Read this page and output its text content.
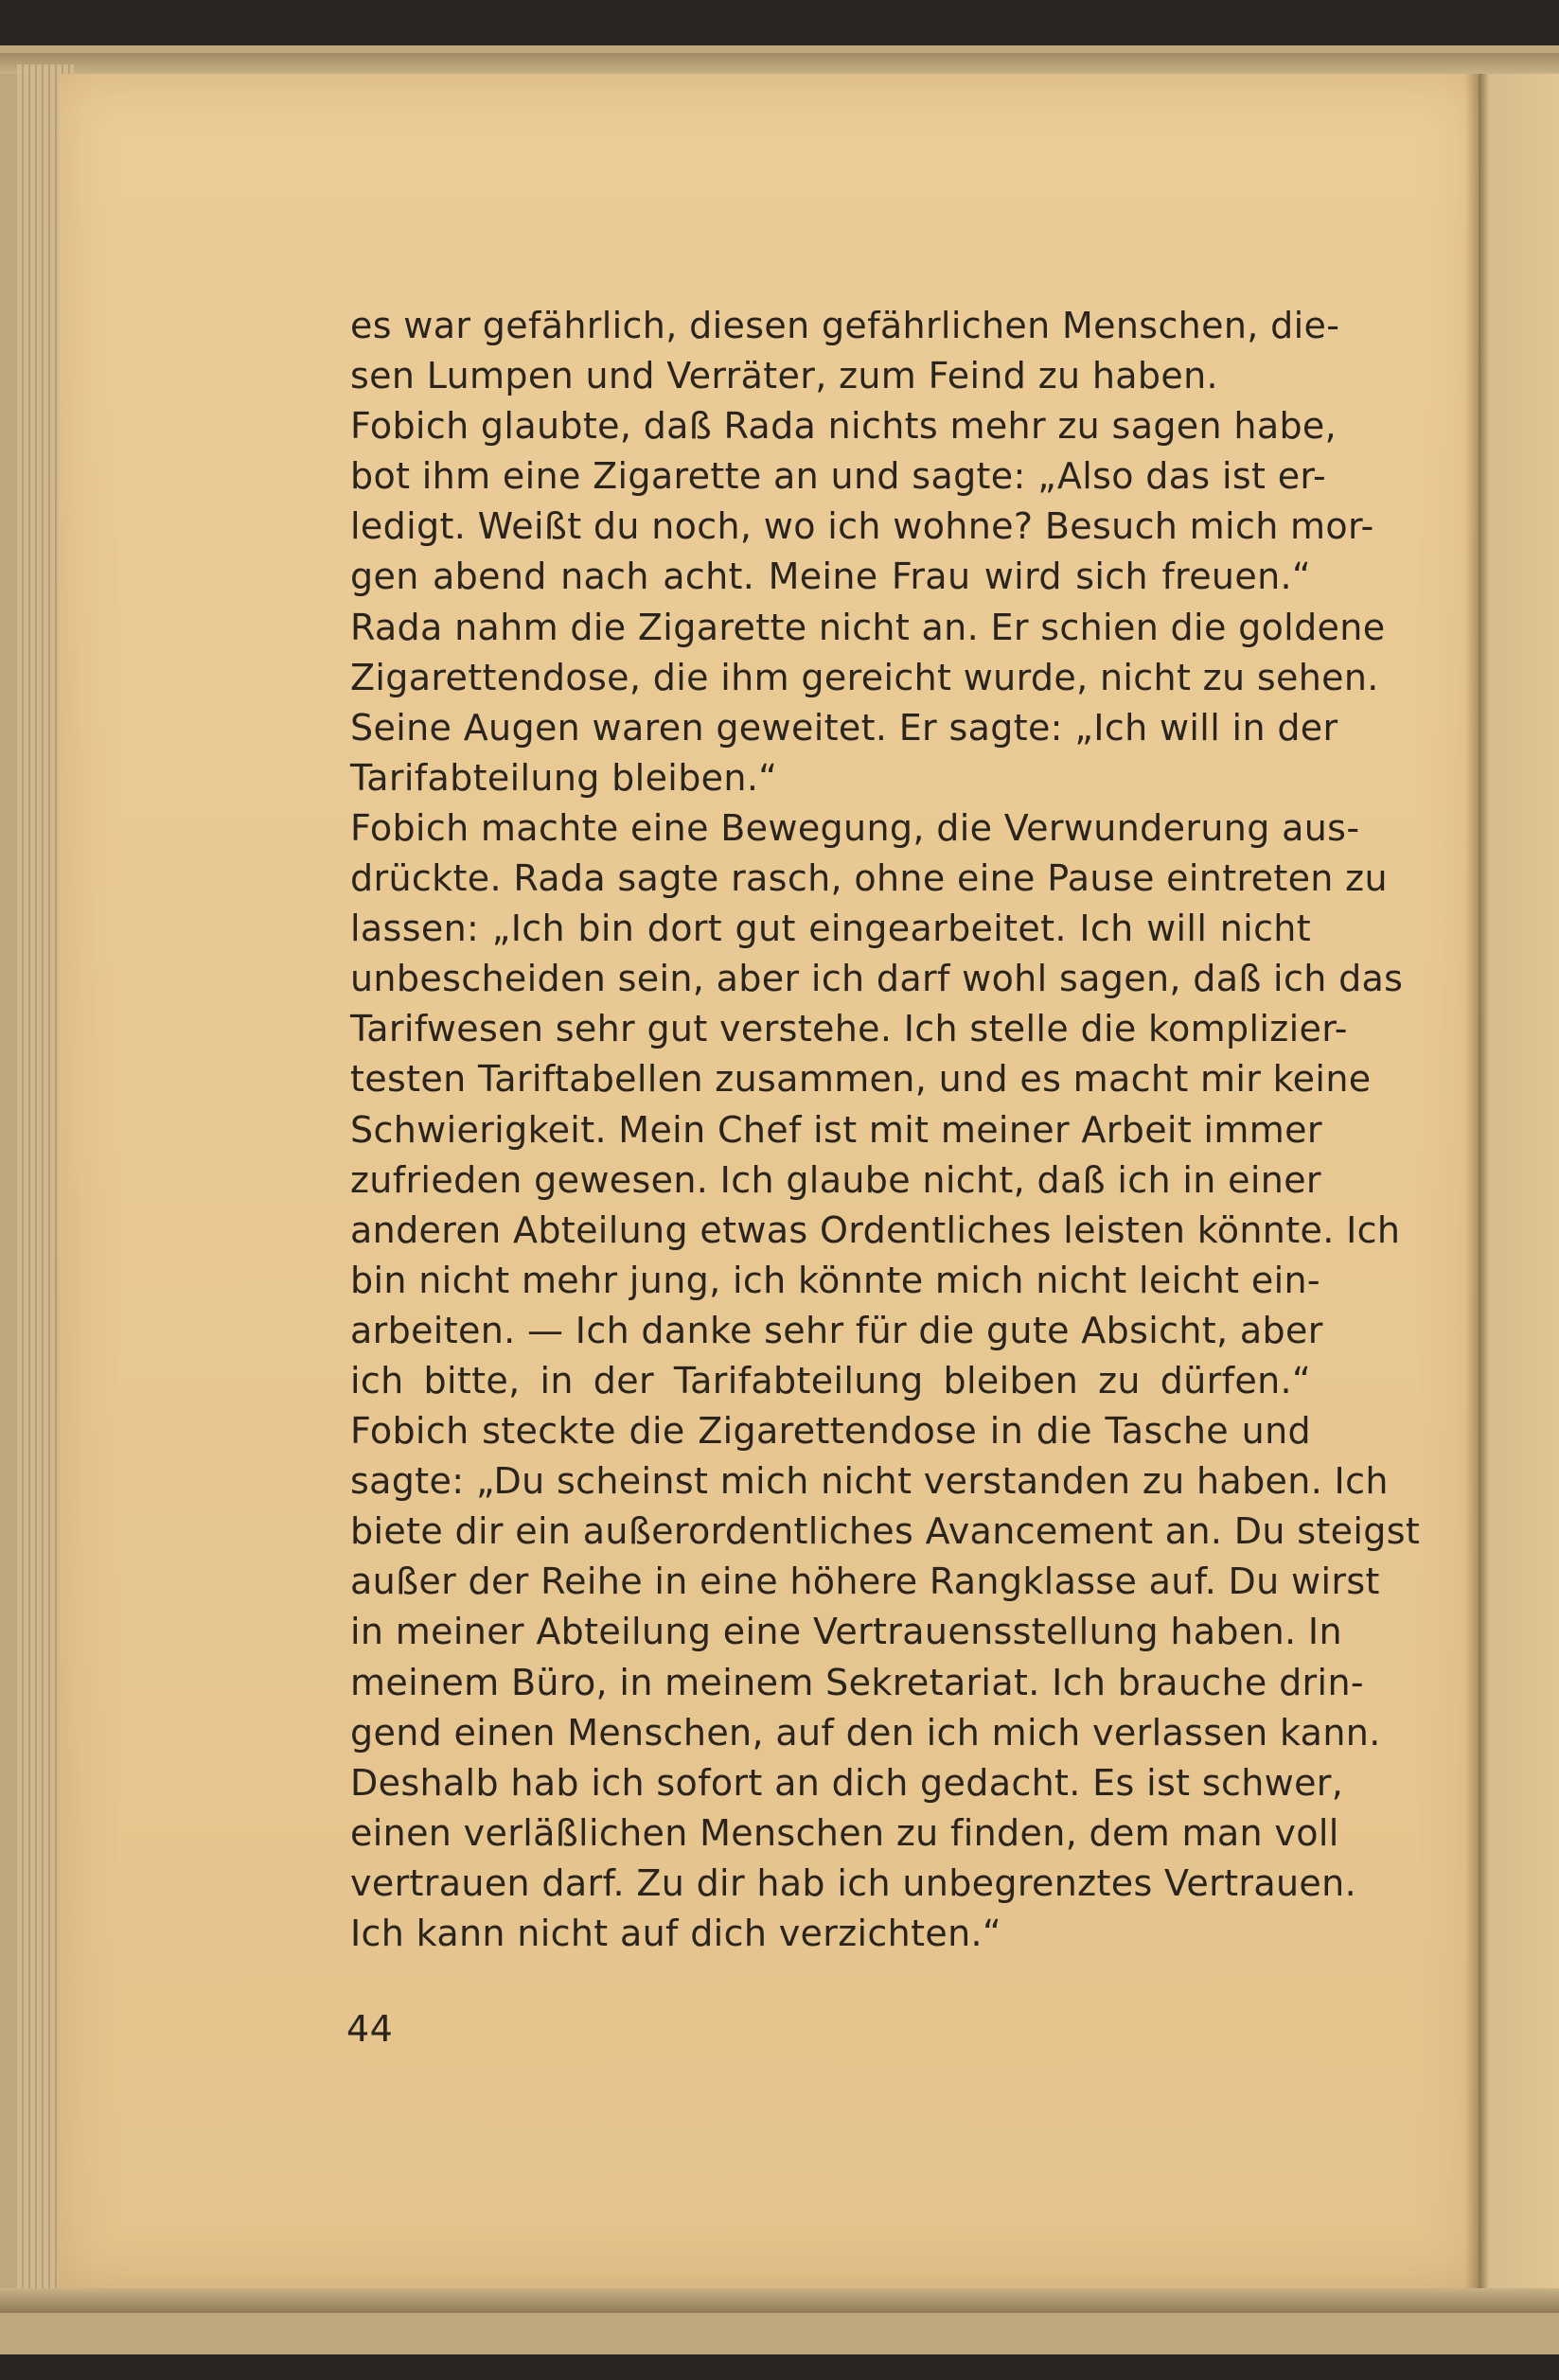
es war gefährlich, diesen gefährlichen Menschen, die-
sen Lumpen und Verräter, zum Feind zu haben.
Fobich glaubte, daß Rada nichts mehr zu sagen habe,
bot ihm eine Zigarette an und sagte: „Also das ist er-
ledigt. Weißt du noch, wo ich wohne? Besuch mich mor-
gen abend nach acht. Meine Frau wird sich freuen.“
Rada nahm die Zigarette nicht an. Er schien die goldene
Zigarettendose, die ihm gereicht wurde, nicht zu sehen.
Seine Augen waren geweitet. Er sagte: „Ich will in der
Tarifabteilung bleiben.“
Fobich machte eine Bewegung, die Verwunderung aus-
drückte. Rada sagte rasch, ohne eine Pause eintreten zu
lassen: „Ich bin dort gut eingearbeitet. Ich will nicht
unbescheiden sein, aber ich darf wohl sagen, daß ich das
Tarifwesen sehr gut verstehe. Ich stelle die komplizier-
testen Tariftabellen zusammen, und es macht mir keine
Schwierigkeit. Mein Chef ist mit meiner Arbeit immer
zufrieden gewesen. Ich glaube nicht, daß ich in einer
anderen Abteilung etwas Ordentliches leisten könnte. Ich
bin nicht mehr jung, ich könnte mich nicht leicht ein-
arbeiten. — Ich danke sehr für die gute Absicht, aber
ich bitte, in der Tarifabteilung bleiben zu dürfen.“
Fobich steckte die Zigarettendose in die Tasche und
sagte: „Du scheinst mich nicht verstanden zu haben. Ich
biete dir ein außerordentliches Avancement an. Du steigst
außer der Reihe in eine höhere Rangklasse auf. Du wirst
in meiner Abteilung eine Vertrauensstellung haben. In
meinem Büro, in meinem Sekretariat. Ich brauche drin-
gend einen Menschen, auf den ich mich verlassen kann.
Deshalb hab ich sofort an dich gedacht. Es ist schwer,
einen verläßlichen Menschen zu finden, dem man voll
vertrauen darf. Zu dir hab ich unbegrenztes Vertrauen.
Ich kann nicht auf dich verzichten.“
44
